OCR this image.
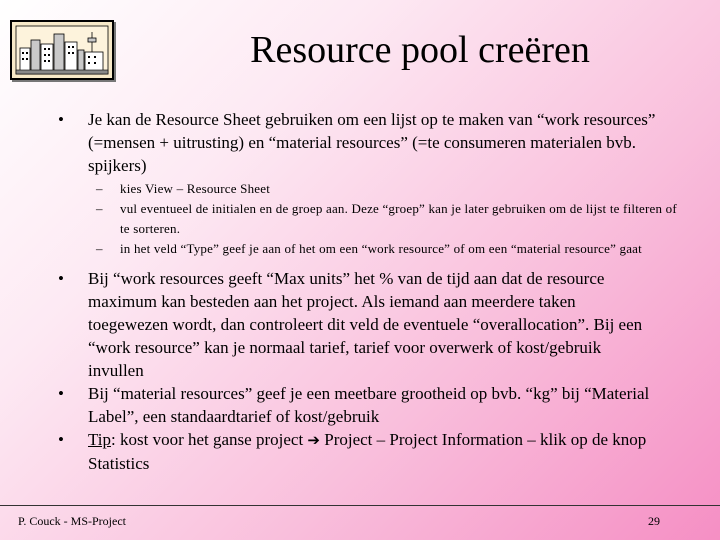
Resource pool creëren
• Je kan de Resource Sheet gebruiken om een lijst op te maken van “work resources” (=mensen + uitrusting) en “material resources” (=te consumeren materialen bvb. spijkers)
– kies View – Resource Sheet
– vul eventueel de initialen en de groep aan. Deze “groep” kan je later gebruiken om de lijst te filteren of te sorteren.
– in het veld “Type” geef je aan of het om een “work resource” of om een “material resource” gaat
• Bij “work resources geeft “Max units” het % van de tijd aan dat de resource maximum kan besteden aan het project. Als iemand aan meerdere taken toegewezen wordt, dan controleert dit veld de eventuele “overallocation”. Bij een “work resource” kan je normaal tarief, tarief voor overwerk of kost/gebruik invullen
• Bij “material resources” geef je een meetbare grootheid op bvb. “kg” bij “Material Label”, een standaardtarief of kost/gebruik
• Tip: kost voor het ganse project ➔ Project – Project Information – klik op de knop Statistics
P. Couck - MS-Project	29
